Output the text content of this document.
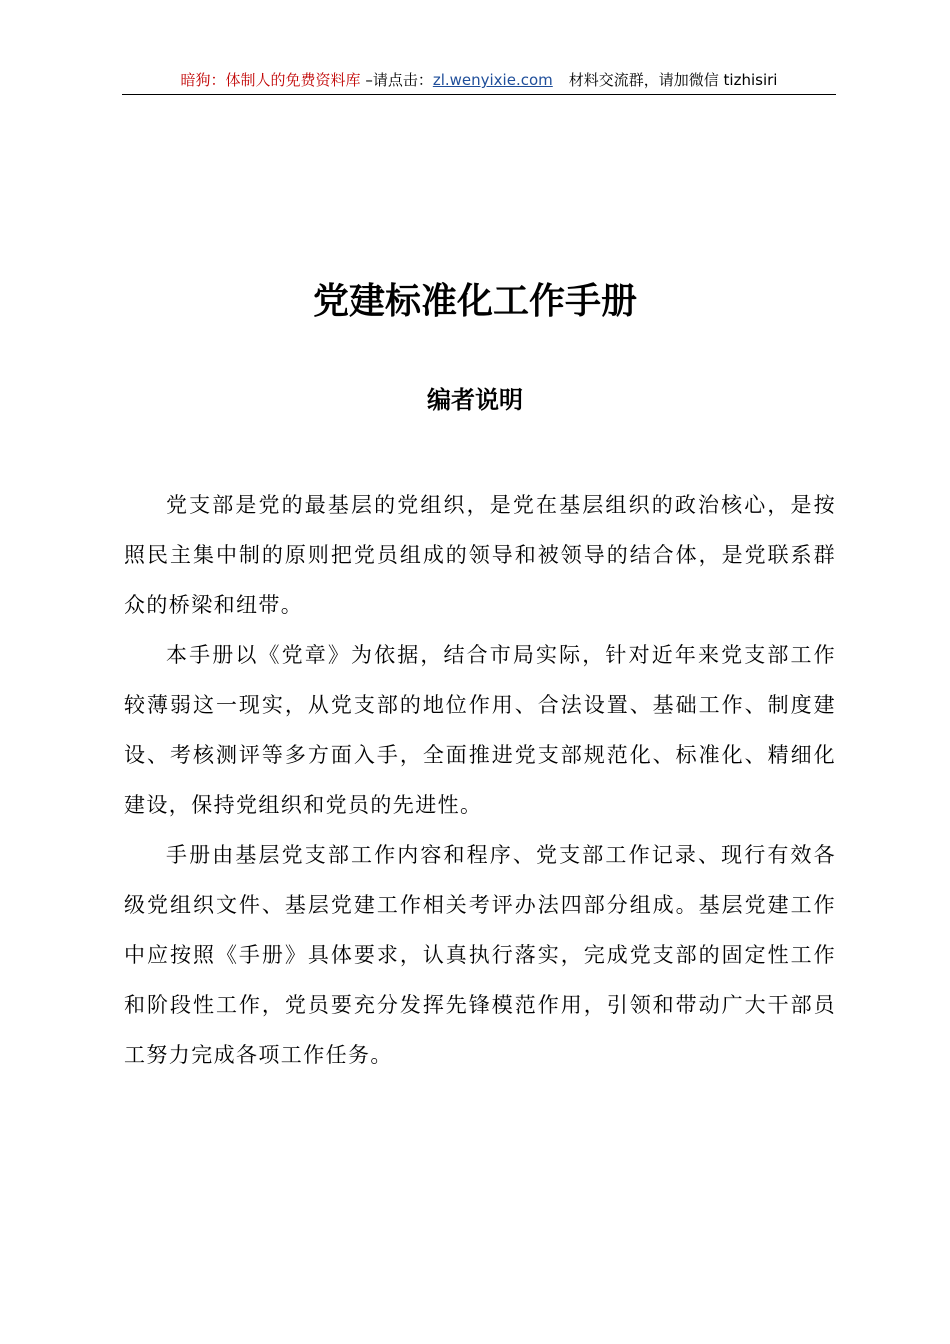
暗狗：体制人的免费资料库 –请点击：zl.wenyixie.com 材料交流群，请加微信 tizhisiri
党建标准化工作手册
编者说明

党支部是党的最基层的党组织，是党在基层组织的政治核心，是按照民主集中制的原则把党员组成的领导和被领导的结合体，是党联系群众的桥梁和纽带。

本手册以《党章》为依据，结合市局实际，针对近年来党支部工作较薄弱这一现实，从党支部的地位作用、合法设置、基础工作、制度建设、考核测评等多方面入手，全面推进党支部规范化、标准化、精细化建设，保持党组织和党员的先进性。

手册由基层党支部工作内容和程序、党支部工作记录、现行有效各级党组织文件、基层党建工作相关考评办法四部分组成。基层党建工作中应按照《手册》具体要求，认真执行落实，完成党支部的固定性工作和阶段性工作，党员要充分发挥先锋模范作用，引领和带动广大干部员工努力完成各项工作任务。
